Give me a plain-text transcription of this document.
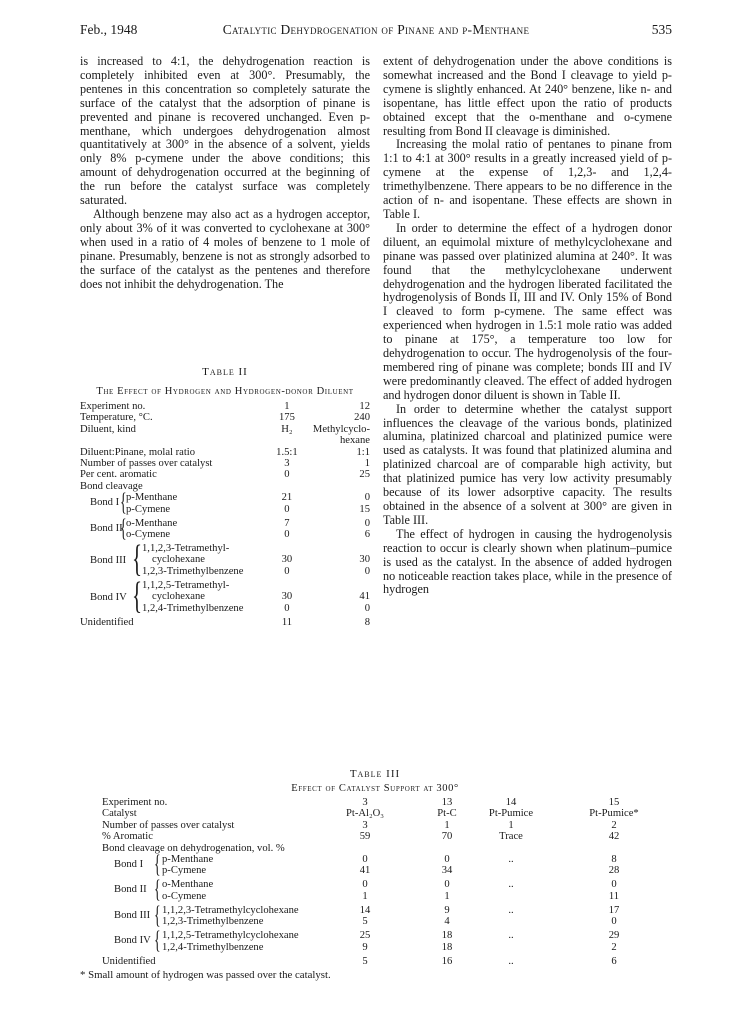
Feb., 1948	Catalytic Dehydrogenation of Pinane and p-Menthane	535

is increased to 4:1, the dehydrogenation reaction is completely inhibited even at 300°. Presumably, the pentenes in this concentration so completely saturate the surface of the catalyst that the adsorption of pinane is prevented and pinane is recovered unchanged. Even p-menthane, which undergoes dehydrogenation almost quantitatively at 300° in the absence of a solvent, yields only 8% p-cymene under the above conditions; this amount of dehydrogenation occurred at the beginning of the run before the catalyst surface was completely saturated.

Although benzene may also act as a hydrogen acceptor, only about 3% of it was converted to cyclohexane at 300° when used in a ratio of 4 moles of benzene to 1 mole of pinane. Presumably, benzene is not as strongly adsorbed to the surface of the catalyst as the pentenes and therefore does not inhibit the dehydrogenation. The

Table II
The Effect of Hydrogen and Hydrogen-donor Diluent
Experiment no.	1	12
Temperature, °C.	175	240
Diluent, kind	H₂	Methylcyclo-
		hexane
Diluent:Pinane, molal ratio	1.5:1	1:1
Number of passes over catalyst	3	1
Per cent. aromatic	0	25
Bond cleavage		

Bond I { p-Menthane	21	0
p-Cymene	0	15

Bond II
{ o-Menthane	7	0
o-Cymene	0	6

Bond III { 1,1,2,3-Tetramethyl-		
cyclohexane	30	30
1,2,3-Trimethylbenzene	0	0

Bond IV { 1,1,2,5-Tetramethyl-		
cyclohexane	30	41
1,2,4-Trimethylbenzene	0	0
Unidentified	11	8

extent of dehydrogenation under the above conditions is somewhat increased and the Bond I cleavage to yield p-cymene is slightly enhanced. At 240° benzene, like n- and isopentane, has little effect upon the ratio of products obtained except that the o-menthane and o-cymene resulting from Bond II cleavage is diminished.

Increasing the molal ratio of pentanes to pinane from 1:1 to 4:1 at 300° results in a greatly increased yield of p-cymene at the expense of 1,2,3- and 1,2,4-trimethylbenzene. There appears to be no difference in the action of n- and isopentane. These effects are shown in Table I.

In order to determine the effect of a hydrogen donor diluent, an equimolal mixture of methylcyclohexane and pinane was passed over platinized alumina at 240°. It was found that the methylcyclohexane underwent dehydrogenation and the hydrogen liberated facilitated the hydrogenolysis of Bonds II, III and IV. Only 15% of Bond I cleaved to form p-cymene. The same effect was experienced when hydrogen in 1.5:1 mole ratio was added to pinane at 175°, a temperature too low for dehydrogenation to occur. The hydrogenolysis of the four-membered ring of pinane was complete; bonds III and IV were predominantly cleaved. The effect of added hydrogen and hydrogen donor diluent is shown in Table II.

In order to determine whether the catalyst support influences the cleavage of the various bonds, platinized alumina, platinized charcoal and platinized pumice were used as catalysts. It was found that platinized alumina and platinized charcoal are of comparable high activity, but that platinized pumice has very low activity presumably because of its lower adsorptive capacity. The results obtained in the absence of a solvent at 300° are given in Table III.

The effect of hydrogen in causing the hydrogenolysis reaction to occur is clearly shown when platinum–pumice is used as the catalyst. In the absence of added hydrogen no noticeable reaction takes place, while in the presence of hydrogen

Table III
Effect of Catalyst Support at 300°
Experiment no.	3	13	14	15
Catalyst	Pt-Al₂O₃	Pt-C	Pt-Pumice	Pt-Pumice*
Number of passes over catalyst	3	1	1	2
% Aromatic	59	70	Trace	42
Bond cleavage on dehydrogenation, vol. %				

Bond I { p-Menthane	0	0	..	8
p-Cymene	41	34		28

Bond II { o-Menthane	0	0	..	0
o-Cymene	1	1		11

Bond III { 1,1,2,3-Tetramethylcyclohexane	14	9	..	17
1,2,3-Trimethylbenzene	5	4		0

Bond IV { 1,1,2,5-Tetramethylcyclohexane	25	18	..	29
1,2,4-Trimethylbenzene	9	18		2
Unidentified	5	16	..	6
* Small amount of hydrogen was passed over the catalyst.
